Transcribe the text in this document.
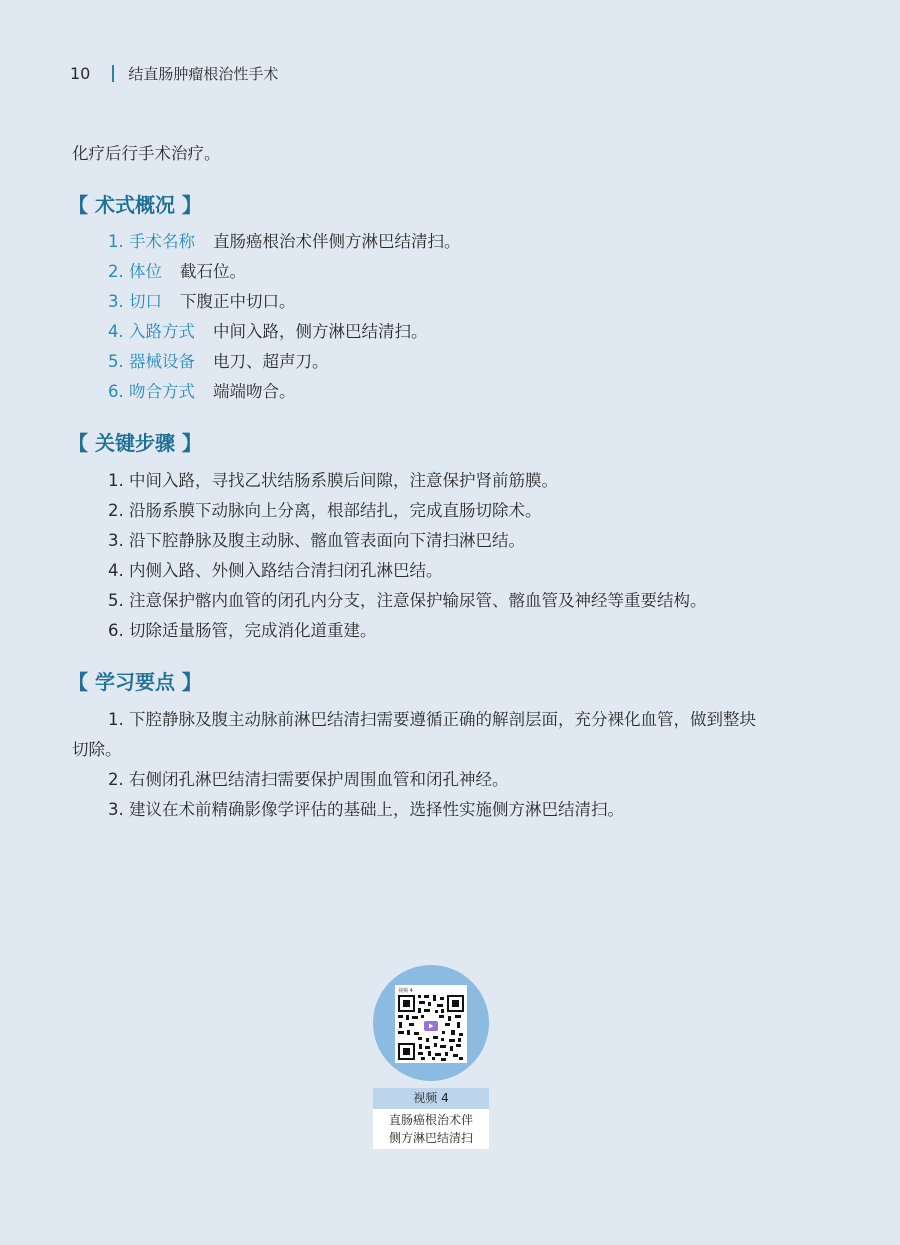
10	结直肠肿瘤根治性手术
化疗后行手术治疗。
【 术式概况 】
1. 手术名称 直肠癌根治术伴侧方淋巴结清扫。
2. 体位 截石位。
3. 切口 下腹正中切口。
4. 入路方式 中间入路，侧方淋巴结清扫。
5. 器械设备 电刀、超声刀。
6. 吻合方式 端端吻合。
【 关键步骤 】
1. 中间入路，寻找乙状结肠系膜后间隙，注意保护肾前筋膜。
2. 沿肠系膜下动脉向上分离，根部结扎，完成直肠切除术。
3. 沿下腔静脉及腹主动脉、髂血管表面向下清扫淋巴结。
4. 内侧入路、外侧入路结合清扫闭孔淋巴结。
5. 注意保护髂内血管的闭孔内分支，注意保护输尿管、髂血管及神经等重要结构。
6. 切除适量肠管，完成消化道重建。
【 学习要点 】
1. 下腔静脉及腹主动脉前淋巴结清扫需要遵循正确的解剖层面，充分裸化血管，做到整块
切除。
2. 右侧闭孔淋巴结清扫需要保护周围血管和闭孔神经。
3. 建议在术前精确影像学评估的基础上，选择性实施侧方淋巴结清扫。
视频 4
视频 4
直肠癌根治术伴
侧方淋巴结清扫
